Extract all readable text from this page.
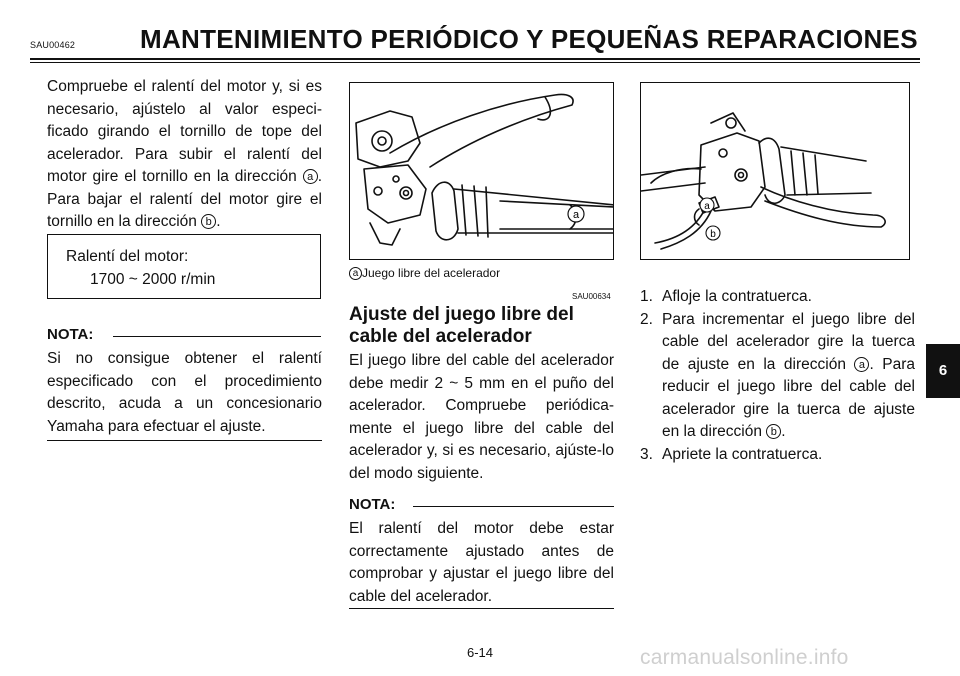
SAU00462 MANTENIMIENTO PERIÓDICO Y PEQUEÑAS REPARACIONES
Compruebe el ralentí del motor y, si es necesario, ajústelo al valor especi-ficado girando el tornillo de tope del acelerador. Para subir el ralentí del motor gire el tornillo en la dirección a . Para bajar el ralentí del motor gire el tornillo en la dirección b .
Ralentí del motor:
1700 ~ 2000 r/min
NOTA:
Si no consigue obtener el ralentí especificado con el procedimiento descrito, acuda a un concesionario Yamaha para efectuar el ajuste.
a
a Juego libre del acelerador
SAU00634
Ajuste del juego libre del cable del acelerador
El juego libre del cable del acelerador debe medir 2 ~ 5 mm en el puño del acelerador. Compruebe periódica-mente el juego libre del cable del acelerador y, si es necesario, ajúste-lo del modo siguiente.
NOTA:
El ralentí del motor debe estar correctamente ajustado antes de comprobar y ajustar el juego libre del cable del acelerador.
a
b
1. Afloje la contratuerca.
2. Para incrementar el juego libre del cable del acelerador gire la tuerca de ajuste en la dirección a . Para reducir el juego libre del cable del acelerador gire la tuerca de ajuste en la dirección b .
3. Apriete la contratuerca.
6
6-14	carmanualsonline.info
